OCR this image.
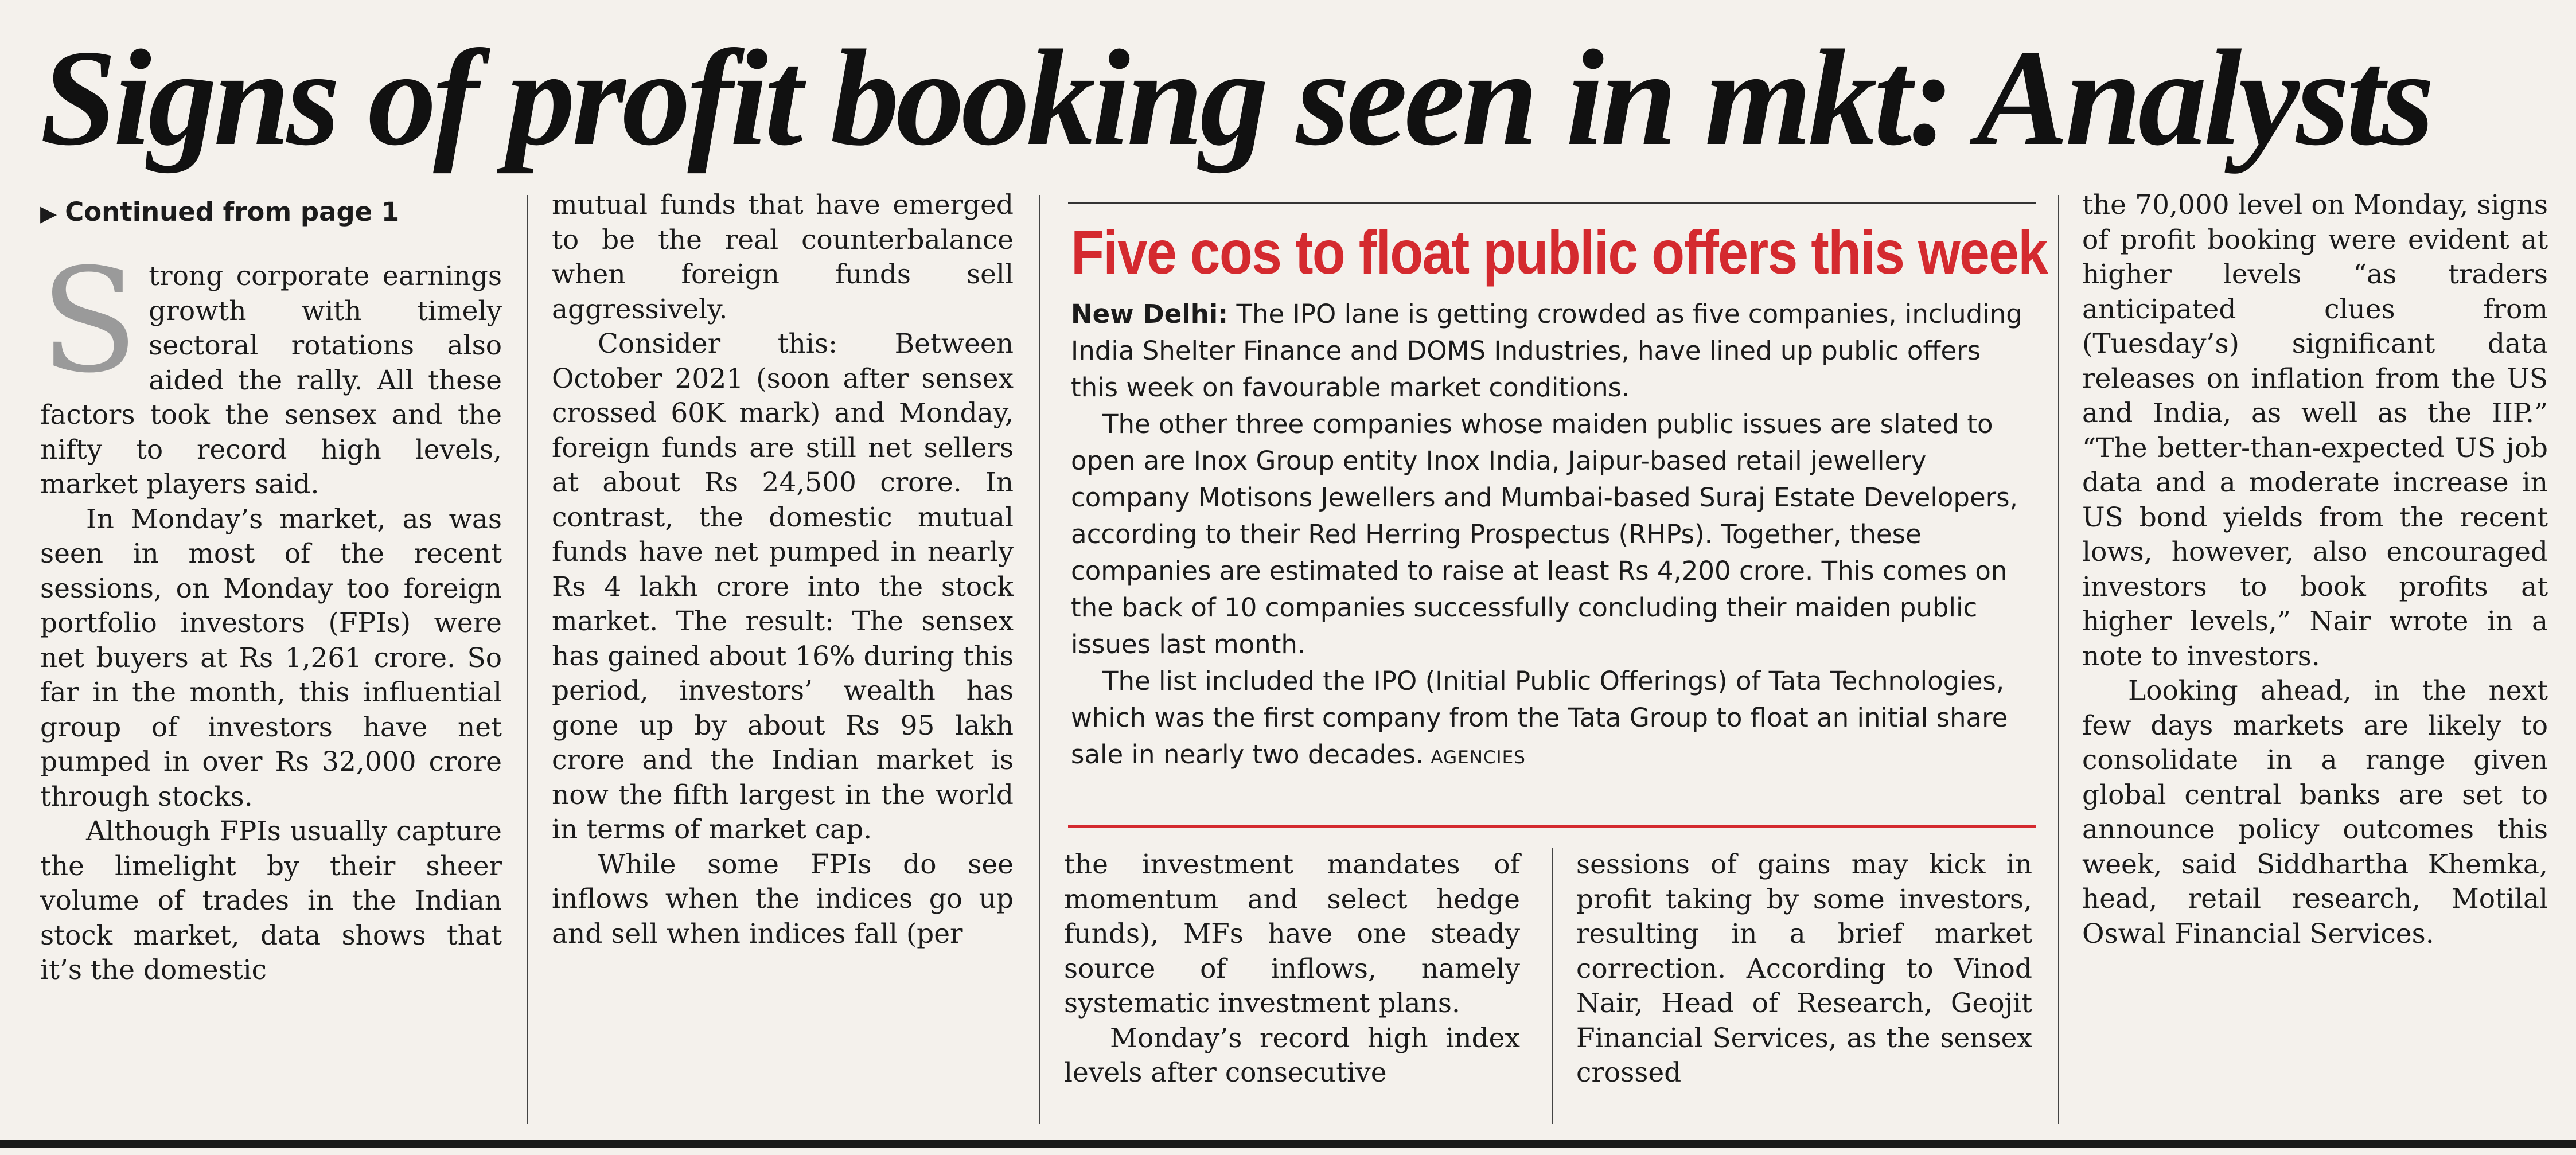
Signs of profit booking seen in mkt: Analysts

▶ Continued from page 1

Strong corporate earnings growth with timely sectoral rotations also aided the rally. All these factors took the sensex and the nifty to record high levels, market players said.

In Monday’s market, as was seen in most of the recent sessions, on Monday too foreign portfolio investors (FPIs) were net buyers at Rs 1,261 crore. So far in the month, this influential group of investors have net pumped in over Rs 32,000 crore through stocks.

Although FPIs usually capture the limelight by their sheer volume of trades in the Indian stock market, data shows that it’s the domestic

mutual funds that have emerged to be the real counterbalance when foreign funds sell aggressively.

Consider this: Between October 2021 (soon after sensex crossed 60K mark) and Monday, foreign funds are still net sellers at about Rs 24,500 crore. In contrast, the domestic mutual funds have net pumped in nearly Rs 4 lakh crore into the stock market. The result: The sensex has gained about 16% during this period, investors’ wealth has gone up by about Rs 95 lakh crore and the Indian market is now the fifth largest in the world in terms of market cap.

While some FPIs do see inflows when the indices go up and sell when indices fall (per

Five cos to float public offers this week

New Delhi: The IPO lane is getting crowded as five companies, including India Shelter Finance and DOMS Industries, have lined up public offers this week on favourable market conditions.

The other three companies whose maiden public issues are slated to open are Inox Group entity Inox India, Jaipur-based retail jewellery company Motisons Jewellers and Mumbai-based Suraj Estate Developers, according to their Red Herring Prospectus (RHPs). Together, these companies are estimated to raise at least Rs 4,200 crore. This comes on the back of 10 companies successfully concluding their maiden public issues last month.

The list included the IPO (Initial Public Offerings) of Tata Technologies, which was the first company from the Tata Group to float an initial share sale in nearly two decades. AGENCIES

the investment mandates of momentum and select hedge funds), MFs have one steady source of inflows, namely systematic investment plans.

Monday’s record high index levels after consecutive

sessions of gains may kick in profit taking by some investors, resulting in a brief market correction. According to Vinod Nair, Head of Research, Geojit Financial Services, as the sensex crossed

the 70,000 level on Monday, signs of profit booking were evident at higher levels “as traders anticipated clues from (Tuesday’s) significant data releases on inflation from the US and India, as well as the IIP.” “The better-than-expected US job data and a moderate increase in US bond yields from the recent lows, however, also encouraged investors to book profits at higher levels,” Nair wrote in a note to investors.

Looking ahead, in the next few days markets are likely to consolidate in a range given global central banks are set to announce policy outcomes this week, said Siddhartha Khemka, head, retail research, Motilal Oswal Financial Services.
